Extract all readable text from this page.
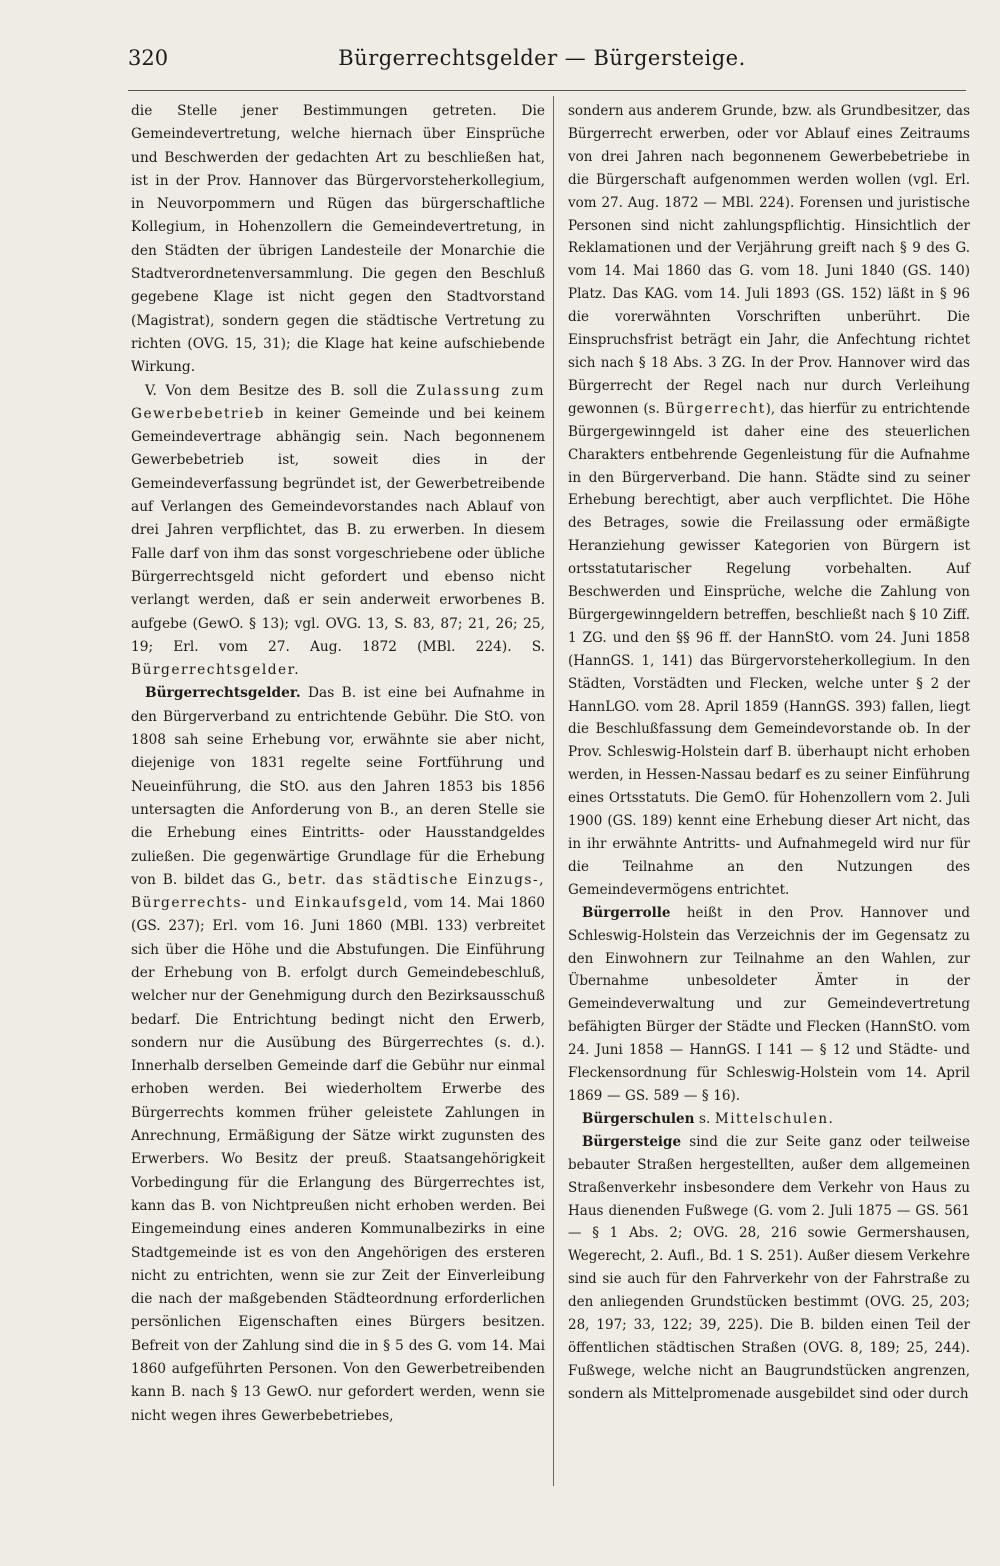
320	Bürgerrechtsgelder — Bürgersteige.

die Stelle jener Bestimmungen getreten. Die Gemeindevertretung, welche hiernach über Einsprüche und Beschwerden der gedachten Art zu beschließen hat, ist in der Prov. Hannover das Bürgervorsteherkollegium, in Neuvorpommern und Rügen das bürgerschaftliche Kollegium, in Hohenzollern die Gemeindevertretung, in den Städten der übrigen Landesteile der Monarchie die Stadtverordnetenversammlung. Die gegen den Beschluß gegebene Klage ist nicht gegen den Stadtvorstand (Magistrat), sondern gegen die städtische Vertretung zu richten (OVG. 15, 31); die Klage hat keine aufschiebende Wirkung.

V. Von dem Besitze des B. soll die Zulassung zum Gewerbebetrieb in keiner Gemeinde und bei keinem Gemeindevertrage abhängig sein. Nach begonnenem Gewerbebetrieb ist, soweit dies in der Gemeindeverfassung begründet ist, der Gewerbetreibende auf Verlangen des Gemeindevorstandes nach Ablauf von drei Jahren verpflichtet, das B. zu erwerben. In diesem Falle darf von ihm das sonst vorgeschriebene oder übliche Bürgerrechtsgeld nicht gefordert und ebenso nicht verlangt werden, daß er sein anderweit erworbenes B. aufgebe (GewO. § 13); vgl. OVG. 13, S. 83, 87; 21, 26; 25, 19; Erl. vom 27. Aug. 1872 (MBl. 224). S. Bürgerrechtsgelder.

Bürgerrechtsgelder. Das B. ist eine bei Aufnahme in den Bürgerverband zu entrichtende Gebühr. Die StO. von 1808 sah seine Erhebung vor, erwähnte sie aber nicht, diejenige von 1831 regelte seine Fortführung und Neueinführung, die StO. aus den Jahren 1853 bis 1856 untersagten die Anforderung von B., an deren Stelle sie die Erhebung eines Eintritts- oder Hausstandgeldes zuließen. Die gegenwärtige Grundlage für die Erhebung von B. bildet das G., betr. das städtische Einzugs-, Bürgerrechts- und Einkaufsgeld, vom 14. Mai 1860 (GS. 237); Erl. vom 16. Juni 1860 (MBl. 133) verbreitet sich über die Höhe und die Abstufungen. Die Einführung der Erhebung von B. erfolgt durch Gemeindebeschluß, welcher nur der Genehmigung durch den Bezirksausschuß bedarf. Die Entrichtung bedingt nicht den Erwerb, sondern nur die Ausübung des Bürgerrechtes (s. d.). Innerhalb derselben Gemeinde darf die Gebühr nur einmal erhoben werden. Bei wiederholtem Erwerbe des Bürgerrechts kommen früher geleistete Zahlungen in Anrechnung, Ermäßigung der Sätze wirkt zugunsten des Erwerbers. Wo Besitz der preuß. Staatsangehörigkeit Vorbedingung für die Erlangung des Bürgerrechtes ist, kann das B. von Nichtpreußen nicht erhoben werden. Bei Eingemeindung eines anderen Kommunalbezirks in eine Stadtgemeinde ist es von den Angehörigen des ersteren nicht zu entrichten, wenn sie zur Zeit der Einverleibung die nach der maßgebenden Städteordnung erforderlichen persönlichen Eigenschaften eines Bürgers besitzen. Befreit von der Zahlung sind die in § 5 des G. vom 14. Mai 1860 aufgeführten Personen. Von den Gewerbetreibenden kann B. nach § 13 GewO. nur gefordert werden, wenn sie nicht wegen ihres Gewerbebetriebes,

sondern aus anderem Grunde, bzw. als Grundbesitzer, das Bürgerrecht erwerben, oder vor Ablauf eines Zeitraums von drei Jahren nach begonnenem Gewerbebetriebe in die Bürgerschaft aufgenommen werden wollen (vgl. Erl. vom 27. Aug. 1872 — MBl. 224). Forensen und juristische Personen sind nicht zahlungspflichtig. Hinsichtlich der Reklamationen und der Verjährung greift nach § 9 des G. vom 14. Mai 1860 das G. vom 18. Juni 1840 (GS. 140) Platz. Das KAG. vom 14. Juli 1893 (GS. 152) läßt in § 96 die vorerwähnten Vorschriften unberührt. Die Einspruchsfrist beträgt ein Jahr, die Anfechtung richtet sich nach § 18 Abs. 3 ZG. In der Prov. Hannover wird das Bürgerrecht der Regel nach nur durch Verleihung gewonnen (s. Bürgerrecht), das hierfür zu entrichtende Bürgergewinngeld ist daher eine des steuerlichen Charakters entbehrende Gegenleistung für die Aufnahme in den Bürgerverband. Die hann. Städte sind zu seiner Erhebung berechtigt, aber auch verpflichtet. Die Höhe des Betrages, sowie die Freilassung oder ermäßigte Heranziehung gewisser Kategorien von Bürgern ist ortsstatutarischer Regelung vorbehalten. Auf Beschwerden und Einsprüche, welche die Zahlung von Bürgergewinngeldern betreffen, beschließt nach § 10 Ziff. 1 ZG. und den §§ 96 ff. der HannStO. vom 24. Juni 1858 (HannGS. 1, 141) das Bürgervorsteherkollegium. In den Städten, Vorstädten und Flecken, welche unter § 2 der HannLGO. vom 28. April 1859 (HannGS. 393) fallen, liegt die Beschlußfassung dem Gemeindevorstande ob. In der Prov. Schleswig-Holstein darf B. überhaupt nicht erhoben werden, in Hessen-Nassau bedarf es zu seiner Einführung eines Ortsstatuts. Die GemO. für Hohenzollern vom 2. Juli 1900 (GS. 189) kennt eine Erhebung dieser Art nicht, das in ihr erwähnte Antritts- und Aufnahmegeld wird nur für die Teilnahme an den Nutzungen des Gemeindevermögens entrichtet.

Bürgerrolle heißt in den Prov. Hannover und Schleswig-Holstein das Verzeichnis der im Gegensatz zu den Einwohnern zur Teilnahme an den Wahlen, zur Übernahme unbesoldeter Ämter in der Gemeindeverwaltung und zur Gemeindevertretung befähigten Bürger der Städte und Flecken (HannStO. vom 24. Juni 1858 — HannGS. I 141 — § 12 und Städte- und Fleckensordnung für Schleswig-Holstein vom 14. April 1869 — GS. 589 — § 16).

Bürgerschulen s. Mittelschulen.

Bürgersteige sind die zur Seite ganz oder teilweise bebauter Straßen hergestellten, außer dem allgemeinen Straßenverkehr insbesondere dem Verkehr von Haus zu Haus dienenden Fußwege (G. vom 2. Juli 1875 — GS. 561 — § 1 Abs. 2; OVG. 28, 216 sowie Germershausen, Wegerecht, 2. Aufl., Bd. 1 S. 251). Außer diesem Verkehre sind sie auch für den Fahrverkehr von der Fahrstraße zu den anliegenden Grundstücken bestimmt (OVG. 25, 203; 28, 197; 33, 122; 39, 225). Die B. bilden einen Teil der öffentlichen städtischen Straßen (OVG. 8, 189; 25, 244). Fußwege, welche nicht an Baugrundstücken angrenzen, sondern als Mittelpromenade ausgebildet sind oder durch
